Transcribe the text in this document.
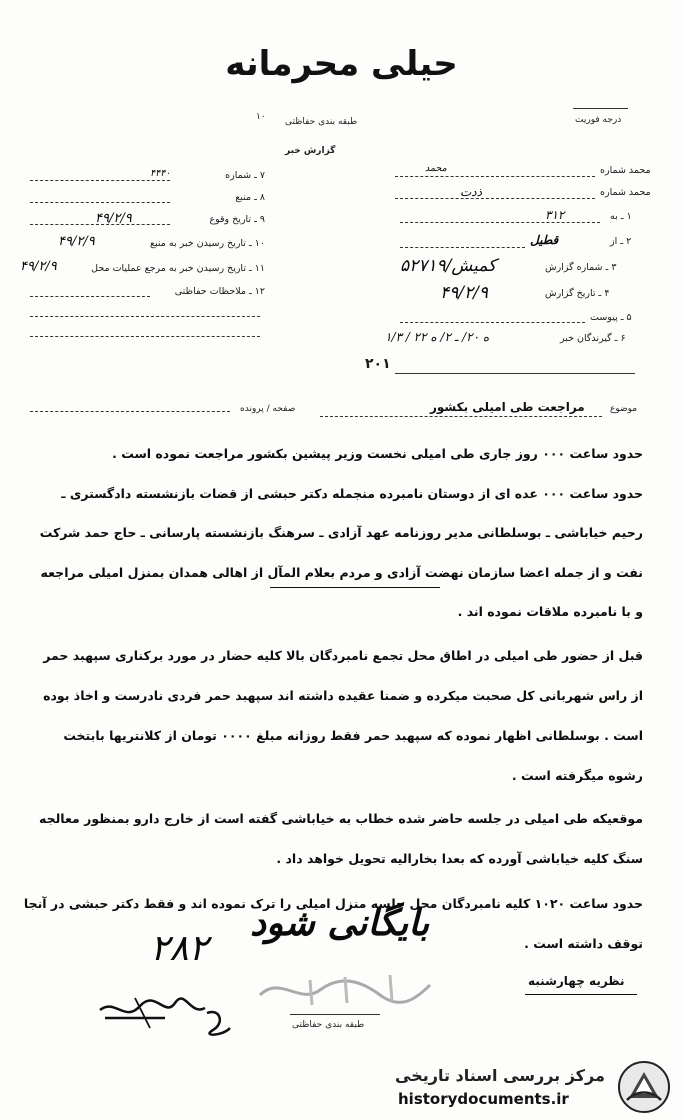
حیلی محرمانه
۱۰ طبقه بندی حفاظتی	درجه فوریت
گزارش خبر
۷ ـ شماره
۴۴۴۰
۸ ـ منبع
۹ ـ تاریخ وقوع
۴۹/۲/۹
۱۰ ـ تاریخ رسیدن خبر به منبع
۴۹/۲/۹
۱۱ ـ تاریخ رسیدن خبر به مرجع عملیات محل
۴۹/۲/۹
۱۲ ـ ملاحظات حفاظتی
محمد شماره
محمد
محمد شماره
ذدت
۱ ـ به
۳۱۲
۲ ـ از
قطیل
۳ ـ شماره گزارش
۵۲۷۱۹/کمیش
۴ ـ تاریخ گزارش
۴۹/۲/۹
۵ ـ پیوست
۶ ـ گیرندگان خبر
۱/ه ۲۰/ ـ ۲/ ه ۲۲ / ۳
۲۰۱
صفحه / پرونده	موضوع
مراجعت طی امیلی بکشور
حدود ساعت ۰۰۰ روز جاری طی امیلی نخست وزیر پیشین بکشور مراجعت نموده است .
حدود ساعت ۰۰۰ عده ای از دوستان نامبرده منجمله دکتر حبشی از قضات بازنشسته دادگستری ـ
رحیم خیاباشی ـ بوسلطانی مدیر روزنامه عهد آزادی ـ سرهنگ بازنشسته پارسانی ـ حاج حمد شرکت
نفت و از جمله اعضا سازمان نهضت آزادی و مردم بعلام المآل از اهالی همدان بمنزل امیلی مراجعه
و با نامبرده ملاقات نموده اند .
قبل از حضور طی امیلی در اطاق محل تجمع نامبردگان بالا کلیه حضار در مورد برکناری سپهبد حمر
از راس شهربانی کل صحبت میکرده و ضمنا عقیده داشته اند سپهبد حمر فردی نادرست و اخاذ بوده
است . بوسلطانی اظهار نموده که سپهبد حمر فقط روزانه مبلغ ۰۰۰۰ تومان از کلانتریها بابتخت
رشوه میگرفته است .
موقعیکه طی امیلی در جلسه حاضر شده خطاب به خیاباشی گفته است از خارج دارو بمنظور معالجه
سنگ کلیه خیاباشی آورده که بعدا بخارالیه تحویل خواهد داد .
حدود ساعت ۱۰۲۰ کلیه نامبردگان محل جلسه منزل امیلی را ترک نموده اند و فقط دکتر حبشی در آنجا
توقف داشته است .
نظریه چهارشنبه
بایگانی شود
۲۸۲
طبقه بندی حفاظتی
مرکز بررسی اسناد تاریخی
historydocuments.ir
